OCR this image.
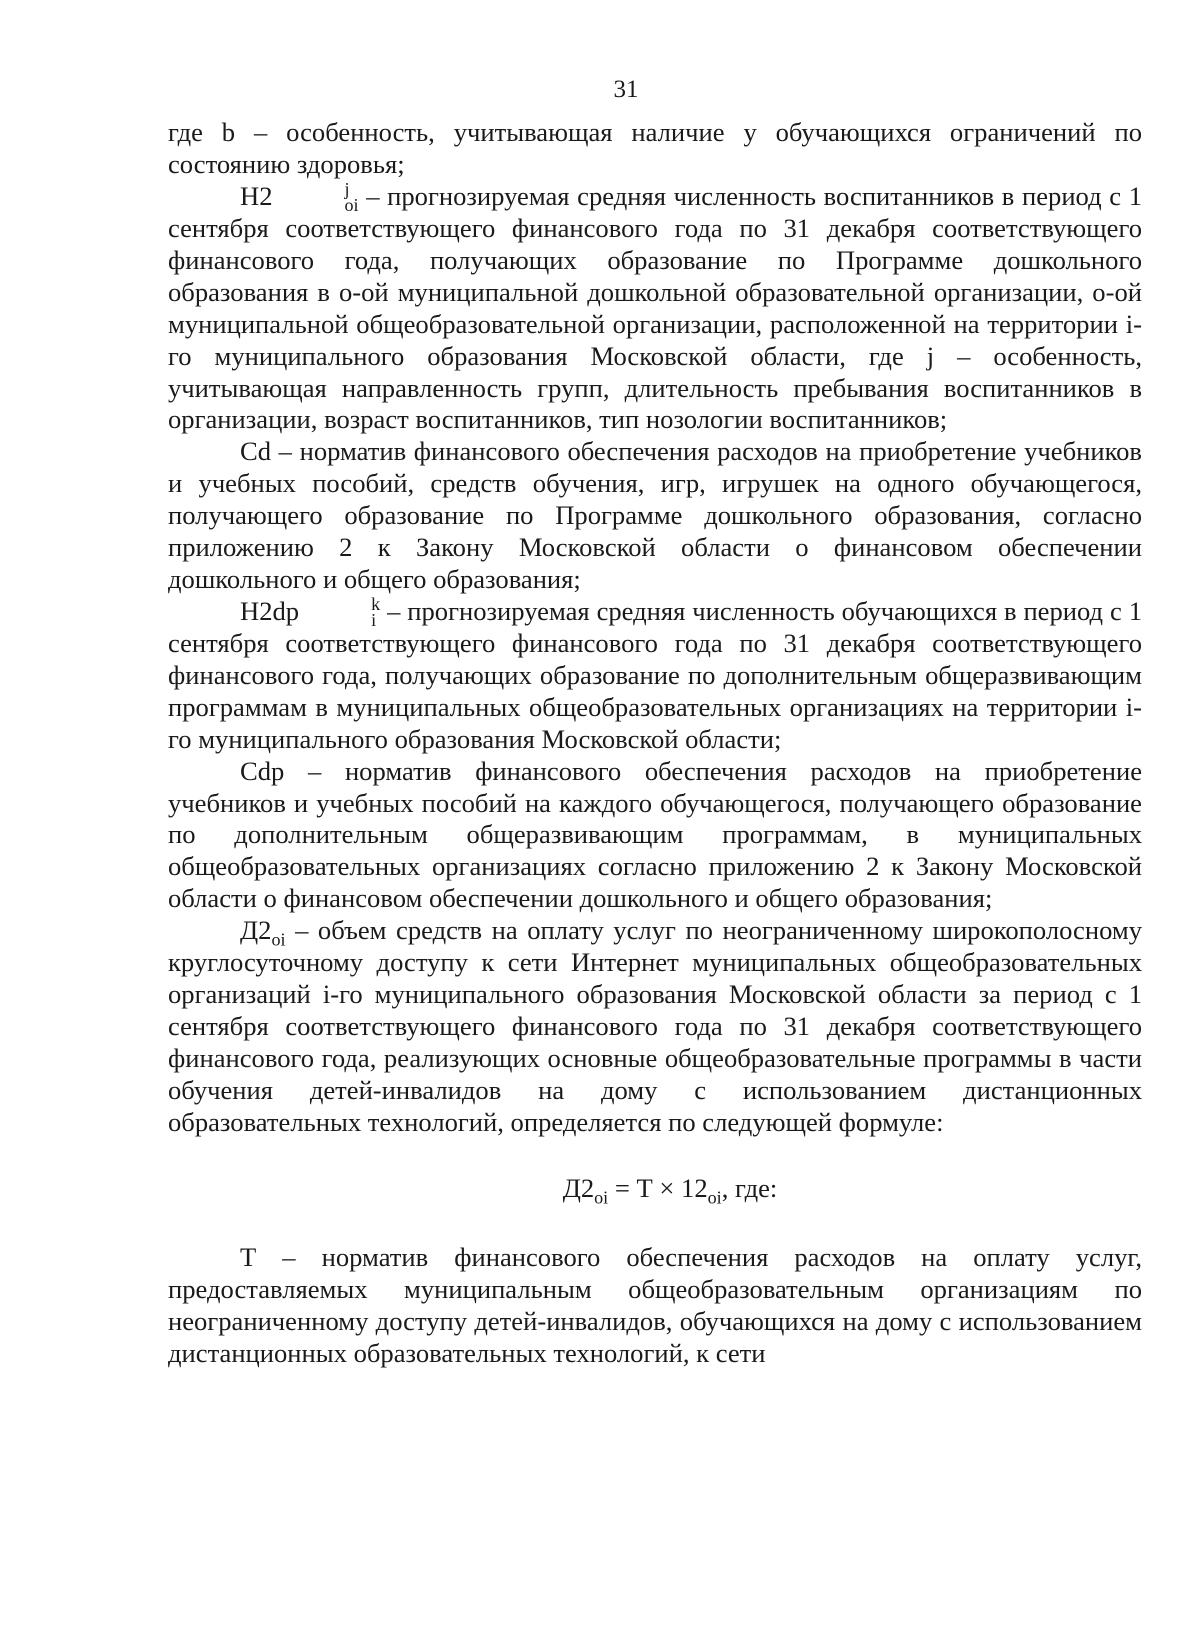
31

где b – особенность, учитывающая наличие у обучающихся ограничений по состоянию здоровья;

Н2	j
oi – прогнозируемая средняя численность воспитанников в период с 1 сентября соответствующего финансового года по 31 декабря соответствующего финансового года, получающих образование по Программе дошкольного образования в о-ой муниципальной дошкольной образовательной организации, о-ой муниципальной общеобразовательной организации, расположенной на территории i-го муниципального образования Московской области, где j – особенность, учитывающая направленность групп, длительность пребывания воспитанников в организации, возраст воспитанников, тип нозологии воспитанников;

Cd – норматив финансового обеспечения расходов на приобретение учебников и учебных пособий, средств обучения, игр, игрушек на одного обучающегося, получающего образование по Программе дошкольного образования, согласно приложению 2 к Закону Московской области о финансовом обеспечении дошкольного и общего образования;

Н2dp	k
i – прогнозируемая средняя численность обучающихся в период с 1 сентября соответствующего финансового года по 31 декабря соответствующего финансового года, получающих образование по дополнительным общеразвивающим программам в муниципальных общеобразовательных организациях на территории i-го муниципального образования Московской области;

Cdp – норматив финансового обеспечения расходов на приобретение учебников и учебных пособий на каждого обучающегося, получающего образование по дополнительным общеразвивающим программам, в муниципальных общеобразовательных организациях согласно приложению 2 к Закону Московской области о финансовом обеспечении дошкольного и общего образования;

$Д2_{oi}$ – объем средств на оплату услуг по неограниченному широкополосному круглосуточному доступу к сети Интернет муниципальных общеобразовательных организаций i-го муниципального образования Московской области за период с 1 сентября соответствующего финансового года по 31 декабря соответствующего финансового года, реализующих основные общеобразовательные программы в части обучения детей-инвалидов на дому с использованием дистанционных образовательных технологий, определяется по следующей формуле:

$Д2_{oi} = Т \times 12_{oi}$, где:

Т – норматив финансового обеспечения расходов на оплату услуг, предоставляемых муниципальным общеобразовательным организациям по неограниченному доступу детей-инвалидов, обучающихся на дому с использованием дистанционных образовательных технологий, к сети
